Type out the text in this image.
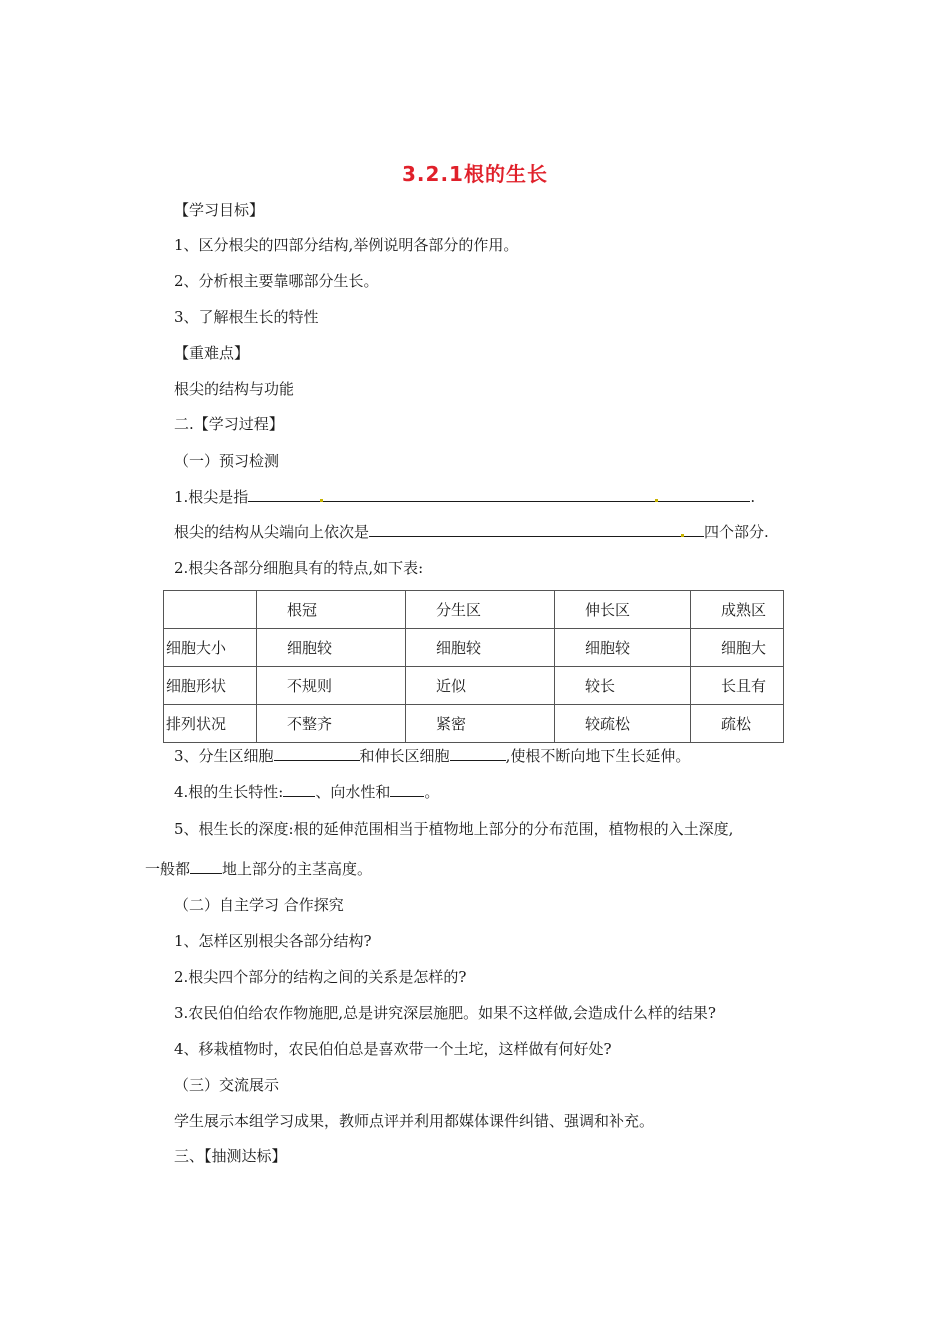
3.2.1根的生长
【学习目标】
1、区分根尖的四部分结构,举例说明各部分的作用。
2、分析根主要靠哪部分生长。
3、了解根生长的特性
【重难点】
根尖的结构与功能
二.【学习过程】
（一）预习检测
1.根尖是指	.
根尖的结构从尖端向上依次是	四个部分.
2.根尖各部分细胞具有的特点,如下表:
	根冠	分生区	伸长区	成熟区
细胞大小	细胞较	细胞较	细胞较	细胞大
细胞形状	不规则	近似	较长	长且有
排列状况	不整齐	紧密	较疏松	疏松
3、分生区细胞	和伸长区细胞	,使根不断向地下生长延伸。
4.根的生长特性: 、向水性和 。
5、根生长的深度:根的延伸范围相当于植物地上部分的分布范围，植物根的入土深度,
一般都 地上部分的主茎高度。
（二）自主学习 合作探究
1、怎样区别根尖各部分结构?
2.根尖四个部分的结构之间的关系是怎样的?
3.农民伯伯给农作物施肥,总是讲究深层施肥。如果不这样做,会造成什么样的结果?
4、移栽植物时，农民伯伯总是喜欢带一个土坨，这样做有何好处?
（三）交流展示
学生展示本组学习成果，教师点评并利用都媒体课件纠错、强调和补充。
三、【抽测达标】
